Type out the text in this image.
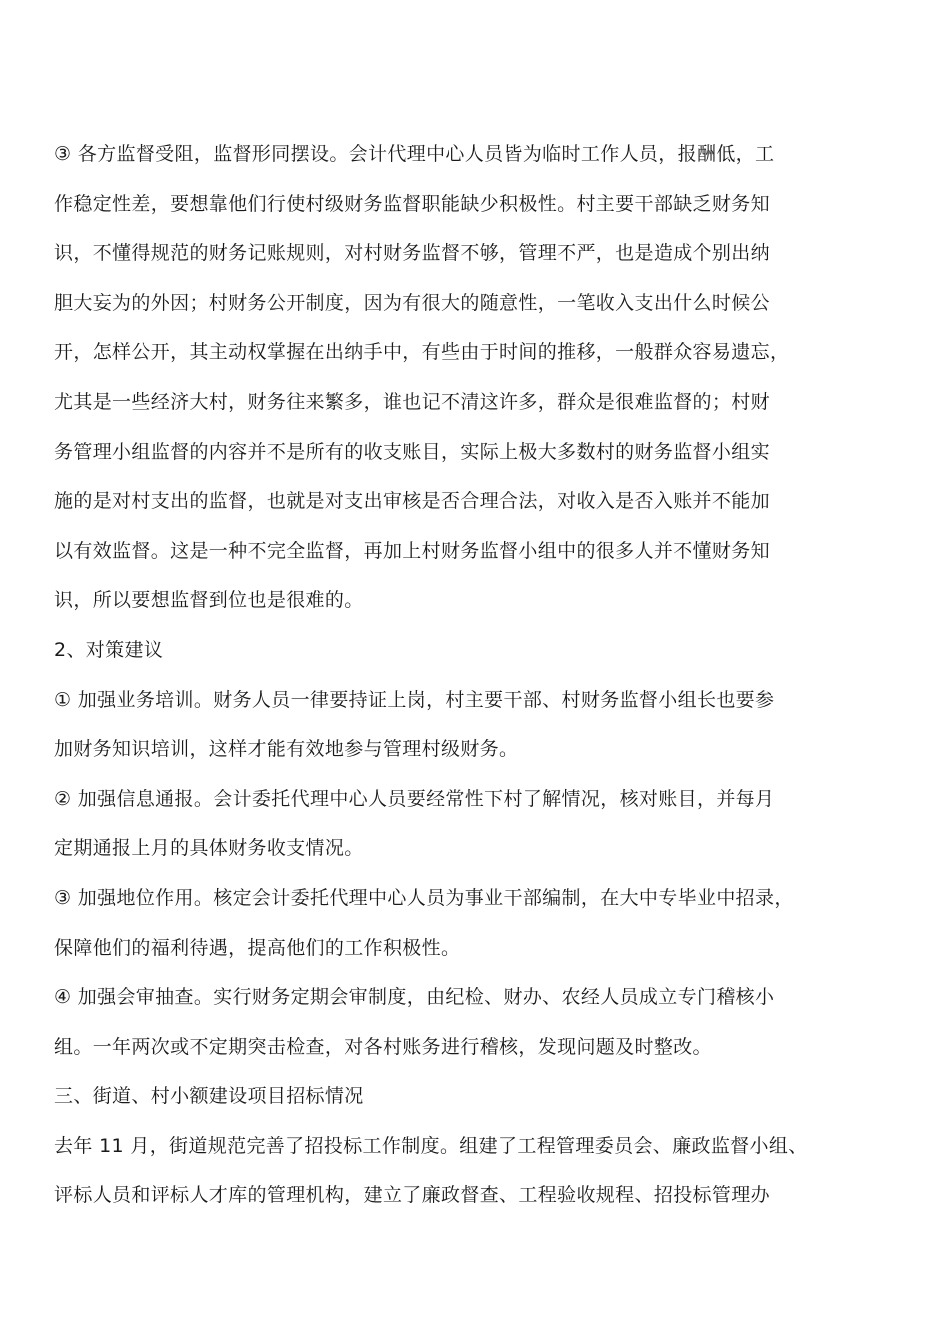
③ 各方监督受阻，监督形同摆设。会计代理中心人员皆为临时工作人员，报酬低，工
作稳定性差，要想靠他们行使村级财务监督职能缺少积极性。村主要干部缺乏财务知
识，不懂得规范的财务记账规则，对村财务监督不够，管理不严，也是造成个别出纳
胆大妄为的外因；村财务公开制度，因为有很大的随意性，一笔收入支出什么时候公
开，怎样公开，其主动权掌握在出纳手中，有些由于时间的推移，一般群众容易遗忘，
尤其是一些经济大村，财务往来繁多，谁也记不清这许多，群众是很难监督的；村财
务管理小组监督的内容并不是所有的收支账目，实际上极大多数村的财务监督小组实
施的是对村支出的监督，也就是对支出审核是否合理合法，对收入是否入账并不能加
以有效监督。这是一种不完全监督，再加上村财务监督小组中的很多人并不懂财务知
识，所以要想监督到位也是很难的。
2、对策建议
① 加强业务培训。财务人员一律要持证上岗，村主要干部、村财务监督小组长也要参
加财务知识培训，这样才能有效地参与管理村级财务。
② 加强信息通报。会计委托代理中心人员要经常性下村了解情况，核对账目，并每月
定期通报上月的具体财务收支情况。
③ 加强地位作用。核定会计委托代理中心人员为事业干部编制，在大中专毕业中招录，
保障他们的福利待遇，提高他们的工作积极性。
④ 加强会审抽查。实行财务定期会审制度，由纪检、财办、农经人员成立专门稽核小
组。一年两次或不定期突击检查，对各村账务进行稽核，发现问题及时整改。
三、街道、村小额建设项目招标情况
去年 11 月，街道规范完善了招投标工作制度。组建了工程管理委员会、廉政监督小组、
评标人员和评标人才库的管理机构，建立了廉政督查、工程验收规程、招投标管理办
